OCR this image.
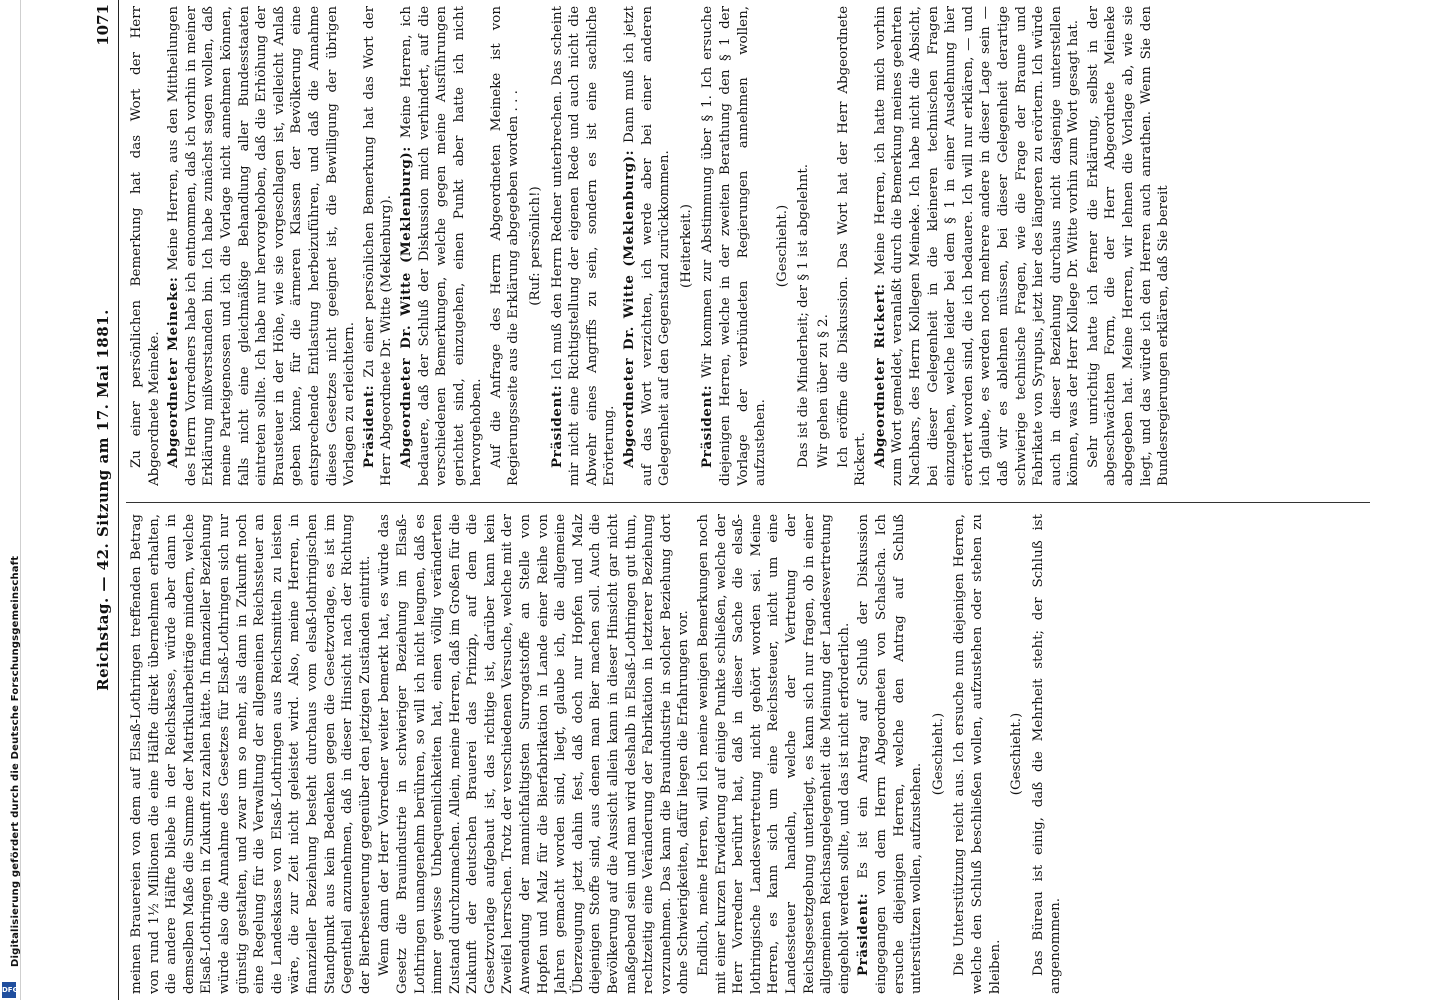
Digitalisierung gefördert durch die Deutsche Forschungsgemeinschaft
DFG
Reichstag. — 42. Sitzung am 17. Mai 1881.
1071

meinen Brauereien von dem auf Elsaß-Lothringen treffenden Betrag von rund 1½ Millionen die eine Hälfte direkt übernehmen erhalten, die andere Hälfte bliebe in der Reichskasse, würde aber dann in demselben Maße die Summe der Matrikularbeiträge mindern, welche Elsaß-Lothringen in Zukunft zu zahlen hätte. In finanzieller Beziehung würde also die Annahme des Gesetzes für Elsaß-Lothringen sich nur günstig gestalten, und zwar um so mehr, als dann in Zukunft noch eine Regelung für die Verwaltung der allgemeinen Reichssteuer an die Landeskasse von Elsaß-Lothringen aus Reichsmitteln zu leisten wäre, die zur Zeit nicht geleistet wird. Also, meine Herren, in finanzieller Beziehung besteht durchaus vom elsaß-lothringischen Standpunkt aus kein Bedenken gegen die Gesetzvorlage, es ist im Gegentheil anzunehmen, daß in dieser Hinsicht nach der Richtung der Bierbesteuerung gegenüber den jetzigen Zuständen eintritt. Wenn dann der Herr Vorredner weiter bemerkt hat, es würde das Gesetz die Brauindustrie in schwieriger Beziehung im Elsaß-Lothringen unangenehm berühren, so will ich nicht leugnen, daß es immer gewisse Unbequemlichkeiten hat, einen völlig veränderten Zustand durchzumachen. Allein, meine Herren, daß im Großen für die Zukunft der deutschen Brauerei das Prinzip, auf dem die Gesetzvorlage aufgebaut ist, das richtige ist, darüber kann kein Zweifel herrschen. Trotz der verschiedenen Versuche, welche mit der Anwendung der mannichfaltigsten Surrogatstoffe an Stelle von Hopfen und Malz für die Bierfabrikation in Lande einer Reihe von Jahren gemacht worden sind, liegt, glaube ich, die allgemeine Überzeugung jetzt dahin fest, daß doch nur Hopfen und Malz diejenigen Stoffe sind, aus denen man Bier machen soll. Auch die Bevölkerung auf die Aussicht allein kann in dieser Hinsicht gar nicht maßgebend sein und man wird deshalb in Elsaß-Lothringen gut thun, rechtzeitig eine Veränderung der Fabrikation in letzterer Beziehung vorzunehmen. Das kann die Brauindustrie in solcher Beziehung dort ohne Schwierigkeiten, dafür liegen die Erfahrungen vor. Endlich, meine Herren, will ich meine wenigen Bemerkungen noch mit einer kurzen Erwiderung auf einige Punkte schließen, welche der Herr Vorredner berührt hat, daß in dieser Sache die elsaß-lothringische Landesvertretung nicht gehört worden sei. Meine Herren, es kann sich um eine Reichssteuer, nicht um eine Landessteuer handeln, welche der Vertretung der Reichsgesetzgebung unterliegt, es kann sich nur fragen, ob in einer allgemeinen Reichsangelegenheit die Meinung der Landesvertretung eingeholt werden sollte, und das ist nicht erforderlich. Präsident: Es ist ein Antrag auf Schluß der Diskussion eingegangen von dem Herrn Abgeordneten von Schalscha. Ich ersuche diejenigen Herren, welche den Antrag auf Schluß unterstützen wollen, aufzustehen.

(Geschieht.) Die Unterstützung reicht aus. Ich ersuche nun diejenigen Herren, welche den Schluß beschließen wollen, aufzustehen oder stehen zu bleiben.

(Geschieht.) Das Büreau ist einig, daß die Mehrheit steht; der Schluß ist angenommen.

Zu einer persönlichen Bemerkung hat das Wort der Herr Abgeordnete Meineke. Abgeordneter Meineke: Meine Herren, aus den Mittheilungen des Herrn Vorredners habe ich entnommen, daß ich vorhin in meiner Erklärung mißverstanden bin. Ich habe zunächst sagen wollen, daß meine Parteigenossen und ich die Vorlage nicht annehmen können, falls nicht eine gleichmäßige Behandlung aller Bundesstaaten eintreten sollte. Ich habe nur hervorgehoben, daß die Erhöhung der Brausteuer in der Höhe, wie sie vorgeschlagen ist, vielleicht Anlaß geben könne, für die ärmeren Klassen der Bevölkerung eine entsprechende Entlastung herbeizuführen, und daß die Annahme dieses Gesetzes nicht geeignet ist, die Bewilligung der übrigen Vorlagen zu erleichtern. Präsident: Zu einer persönlichen Bemerkung hat das Wort der Herr Abgeordnete Dr. Witte (Meklenburg). Abgeordneter Dr. Witte (Meklenburg): Meine Herren, ich bedauere, daß der Schluß der Diskussion mich verhindert, auf die verschiedenen Bemerkungen, welche gegen meine Ausführungen gerichtet sind, einzugehen, einen Punkt aber hatte ich nicht hervorgehoben. Auf die Anfrage des Herrn Abgeordneten Meineke ist von Regierungsseite aus die Erklärung abgegeben worden . . . (Ruf: persönlich!)

Präsident: Ich muß den Herrn Redner unterbrechen. Das scheint mir nicht eine Richtigstellung der eigenen Rede und auch nicht die Abwehr eines Angriffs zu sein, sondern es ist eine sachliche Erörterung. Abgeordneter Dr. Witte (Meklenburg): Dann muß ich jetzt auf das Wort verzichten, ich werde aber bei einer anderen Gelegenheit auf den Gegenstand zurückkommen. (Heiterkeit.)

Präsident: Wir kommen zur Abstimmung über § 1. Ich ersuche diejenigen Herren, welche in der zweiten Berathung den § 1 der Vorlage der verbündeten Regierungen annehmen wollen, aufzustehen.

(Geschieht.) Das ist die Minderheit; der § 1 ist abgelehnt. Wir gehen über zu § 2. Ich eröffne die Diskussion. Das Wort hat der Herr Abgeordnete Rickert. Abgeordneter Rickert: Meine Herren, ich hatte mich vorhin zum Wort gemeldet, veranlaßt durch die Bemerkung meines geehrten Nachbars, des Herrn Kollegen Meineke. Ich habe nicht die Absicht, bei dieser Gelegenheit in die kleineren technischen Fragen einzugehen, welche leider bei dem § 1 in einer Ausdehnung hier erörtert worden sind, die ich bedauere. Ich will nur erklären, — und ich glaube, es werden noch mehrere andere in dieser Lage sein — daß wir es ablehnen müssen, bei dieser Gelegenheit derartige schwierige technische Fragen, wie die Frage der Braune und Fabrikate von Syrupus, jetzt hier des längeren zu erörtern. Ich würde auch in dieser Beziehung durchaus nicht dasjenige unterstellen können, was der Herr Kollege Dr. Witte vorhin zum Wort gesagt hat. Sehr unrichtig hatte ich ferner die Erklärung, selbst in der abgeschwächten Form, die der Herr Abgeordnete Meineke abgegeben hat. Meine Herren, wir lehnen die Vorlage ab, wie sie liegt, und das würde ich den Herren auch anrathen. Wenn Sie den Bundesregierungen erklären, daß Sie bereit
